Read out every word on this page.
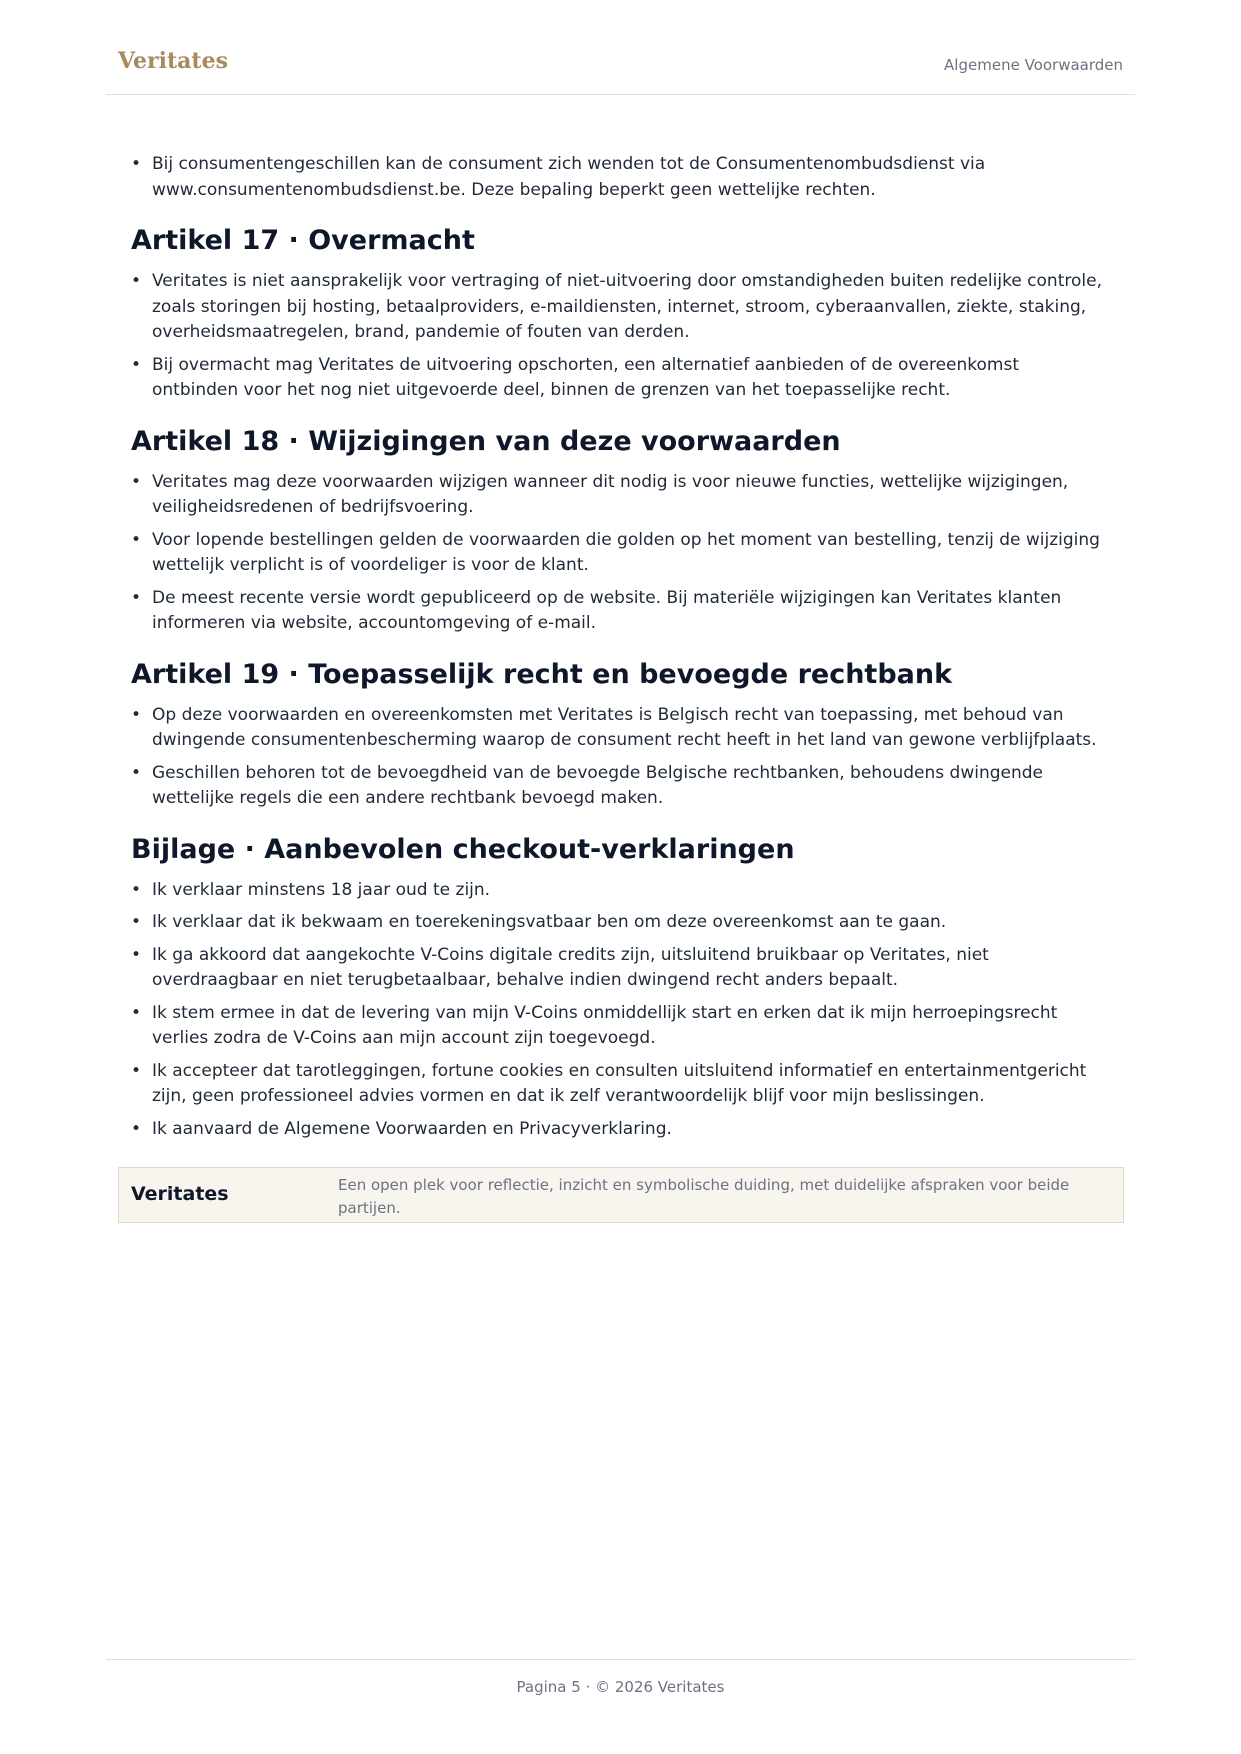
Veritates	Algemene Voorwaarden
• Bij consumentengeschillen kan de consument zich wenden tot de Consumentenombudsdienst via www.consumentenombudsdienst.be. Deze bepaling beperkt geen wettelijke rechten.
Artikel 17 · Overmacht
• Veritates is niet aansprakelijk voor vertraging of niet-uitvoering door omstandigheden buiten redelijke controle, zoals storingen bij hosting, betaalproviders, e-maildiensten, internet, stroom, cyberaanvallen, ziekte, staking, overheidsmaatregelen, brand, pandemie of fouten van derden.
• Bij overmacht mag Veritates de uitvoering opschorten, een alternatief aanbieden of de overeenkomst ontbinden voor het nog niet uitgevoerde deel, binnen de grenzen van het toepasselijke recht.
Artikel 18 · Wijzigingen van deze voorwaarden
• Veritates mag deze voorwaarden wijzigen wanneer dit nodig is voor nieuwe functies, wettelijke wijzigingen, veiligheidsredenen of bedrijfsvoering.
• Voor lopende bestellingen gelden de voorwaarden die golden op het moment van bestelling, tenzij de wijziging wettelijk verplicht is of voordeliger is voor de klant.
• De meest recente versie wordt gepubliceerd op de website. Bij materiële wijzigingen kan Veritates klanten informeren via website, accountomgeving of e-mail.
Artikel 19 · Toepasselijk recht en bevoegde rechtbank
• Op deze voorwaarden en overeenkomsten met Veritates is Belgisch recht van toepassing, met behoud van dwingende consumentenbescherming waarop de consument recht heeft in het land van gewone verblijfplaats.
• Geschillen behoren tot de bevoegdheid van de bevoegde Belgische rechtbanken, behoudens dwingende wettelijke regels die een andere rechtbank bevoegd maken.
Bijlage · Aanbevolen checkout-verklaringen
• Ik verklaar minstens 18 jaar oud te zijn.
• Ik verklaar dat ik bekwaam en toerekeningsvatbaar ben om deze overeenkomst aan te gaan.
• Ik ga akkoord dat aangekochte V-Coins digitale credits zijn, uitsluitend bruikbaar op Veritates, niet overdraagbaar en niet terugbetaalbaar, behalve indien dwingend recht anders bepaalt.
• Ik stem ermee in dat de levering van mijn V-Coins onmiddellijk start en erken dat ik mijn herroepingsrecht verlies zodra de V-Coins aan mijn account zijn toegevoegd.
• Ik accepteer dat tarotleggingen, fortune cookies en consulten uitsluitend informatief en entertainmentgericht zijn, geen professioneel advies vormen en dat ik zelf verantwoordelijk blijf voor mijn beslissingen.
• Ik aanvaard de Algemene Voorwaarden en Privacyverklaring.
Veritates	Een open plek voor reflectie, inzicht en symbolische duiding, met duidelijke afspraken voor beide partijen.
Pagina 5 · © 2026 Veritates
